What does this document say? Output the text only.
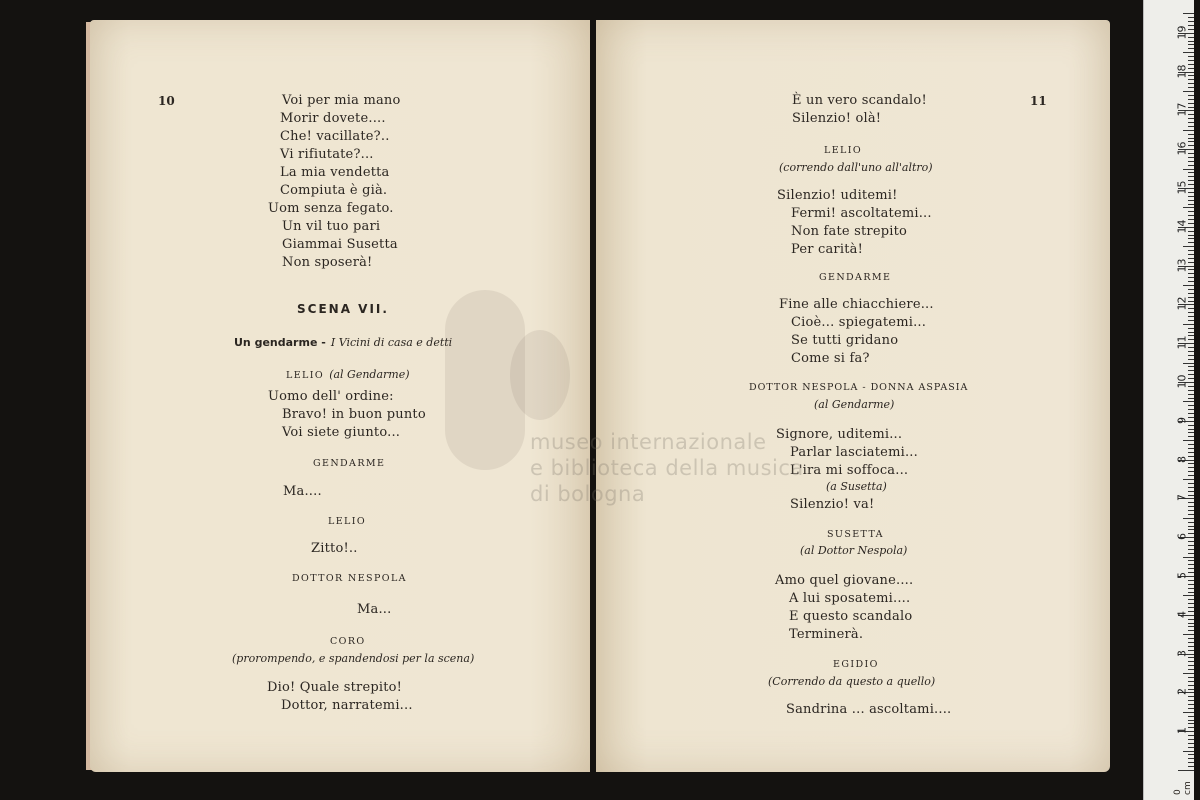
10	Voi per mia mano
Morir dovete....
Che! vacillate?..
Vi rifiutate?...
La mia vendetta
Compiuta è già.
Uom senza fegato.
Un vil tuo pari
Giammai Susetta
Non sposerà!
SCENA VII.
Un gendarme - I Vicini di casa e detti
LELIO (al Gendarme)
Uomo dell' ordine:
Bravo! in buon punto
Voi siete giunto...
GENDARME
Ma....
LELIO
Zitto!..
DOTTOR NESPOLA
Ma...
CORO
(prorompendo, e spandendosi per la scena)
Dio! Quale strepito!
Dottor, narratemi...
11
È un vero scandalo!
Silenzio! olà!
LELIO
(correndo dall'uno all'altro)
Silenzio! uditemi!
Fermi! ascoltatemi...
Non fate strepito
Per carità!
GENDARME
Fine alle chiacchiere...
Cioè... spiegatemi...
Se tutti gridano
Come si fa?
DOTTOR NESPOLA - DONNA ASPASIA
(al Gendarme)
Signore, uditemi...
Parlar lasciatemi...
L'ira mi soffoca...
(a Susetta)
Silenzio! va!
SUSETTA
(al Dottor Nespola)
Amo quel giovane....
A lui sposatemi....
E questo scandalo
Terminerà.
EGIDIO
(Correndo da questo a quello)
Sandrina ... ascoltami....
museo internazionale
e biblioteca della musica
di bologna
0 cm
1
2
3
4
5
6
7
8
9
10
11
12
13
14
15
16
17
18
19
